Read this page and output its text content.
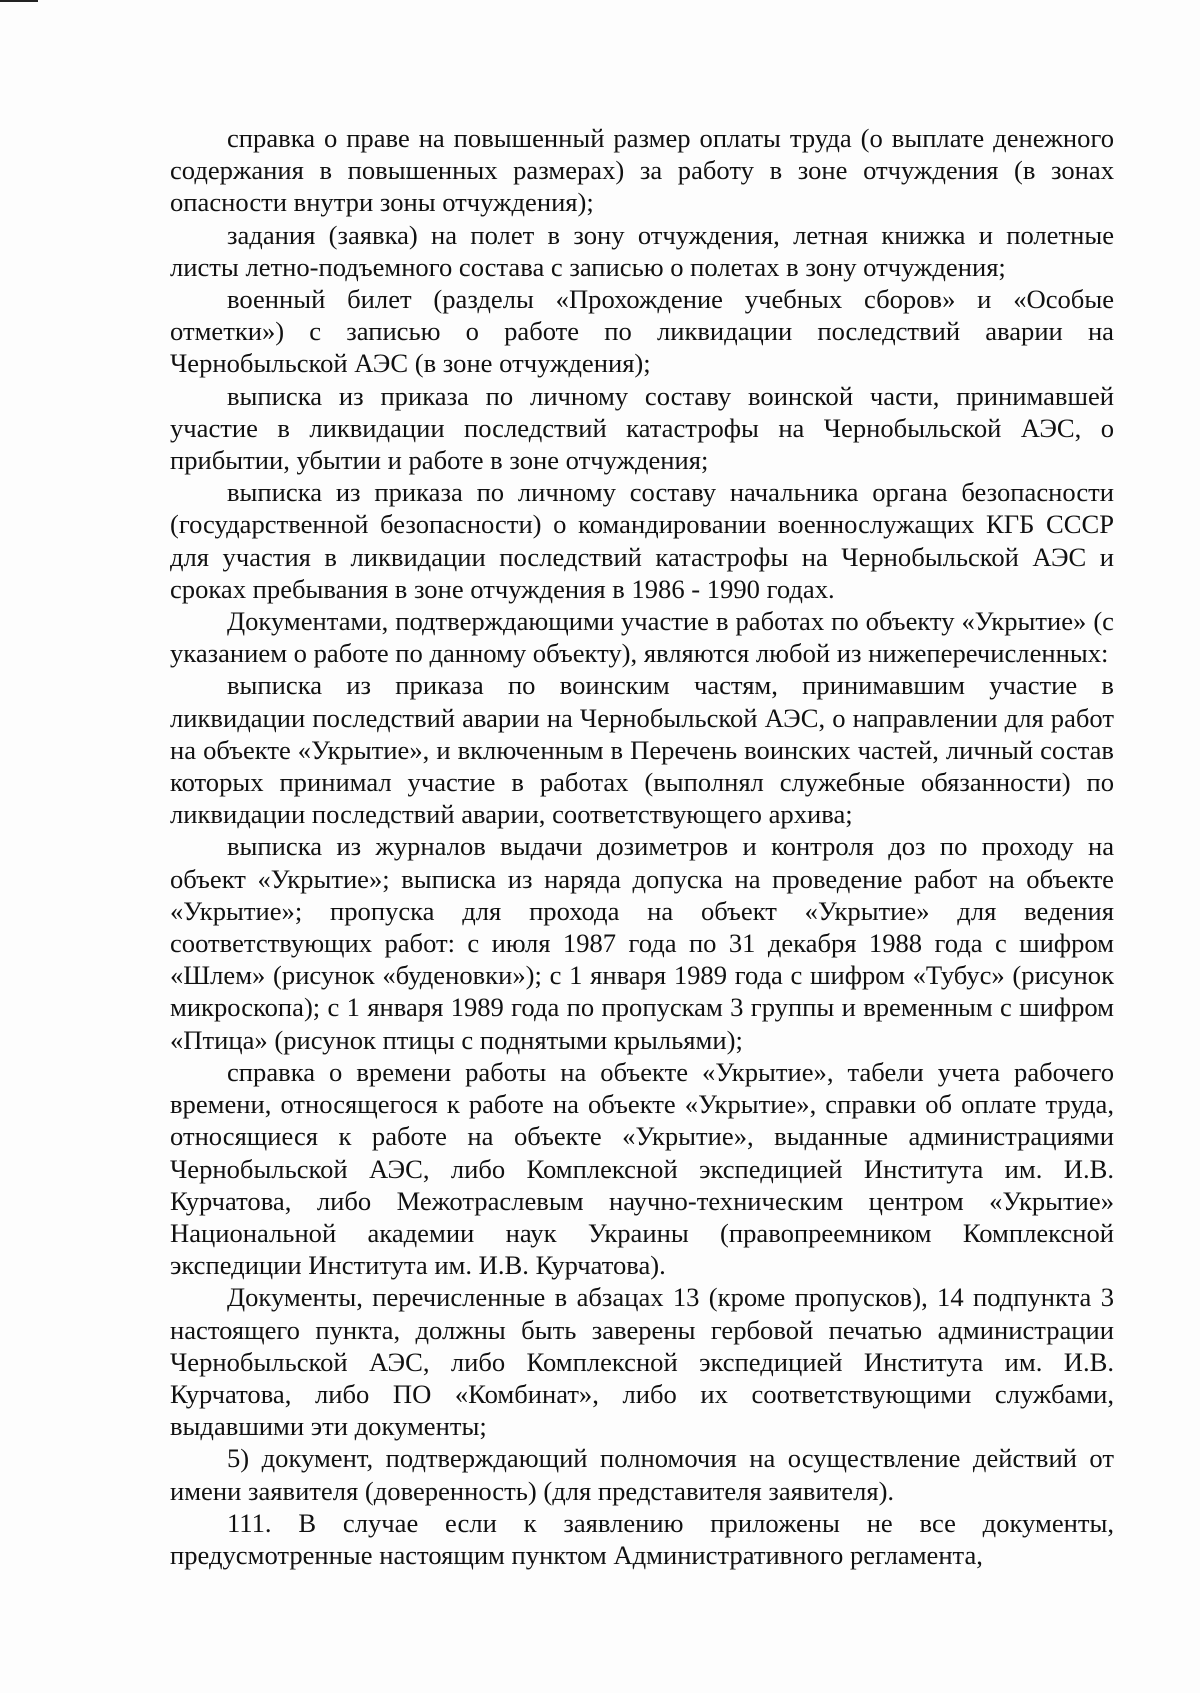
справка о праве на повышенный размер оплаты труда (о выплате денежного содержания в повышенных размерах) за работу в зоне отчуждения (в зонах опасности внутри зоны отчуждения);

задания (заявка) на полет в зону отчуждения, летная книжка и полетные листы летно-подъемного состава с записью о полетах в зону отчуждения;

военный билет (разделы «Прохождение учебных сборов» и «Особые отметки») с записью о работе по ликвидации последствий аварии на Чернобыльской АЭС (в зоне отчуждения);

выписка из приказа по личному составу воинской части, принимавшей участие в ликвидации последствий катастрофы на Чернобыльской АЭС, о прибытии, убытии и работе в зоне отчуждения;

выписка из приказа по личному составу начальника органа безопасности (государственной безопасности) о командировании военнослужащих КГБ СССР для участия в ликвидации последствий катастрофы на Чернобыльской АЭС и сроках пребывания в зоне отчуждения в 1986 - 1990 годах.

Документами, подтверждающими участие в работах по объекту «Укрытие» (с указанием о работе по данному объекту), являются любой из нижеперечисленных:

выписка из приказа по воинским частям, принимавшим участие в ликвидации последствий аварии на Чернобыльской АЭС, о направлении для работ на объекте «Укрытие», и включенным в Перечень воинских частей, личный состав которых принимал участие в работах (выполнял служебные обязанности) по ликвидации последствий аварии, соответствующего архива;

выписка из журналов выдачи дозиметров и контроля доз по проходу на объект «Укрытие»; выписка из наряда допуска на проведение работ на объекте «Укрытие»; пропуска для прохода на объект «Укрытие» для ведения соответствующих работ: с июля 1987 года по 31 декабря 1988 года с шифром «Шлем» (рисунок «буденовки»); с 1 января 1989 года с шифром «Тубус» (рисунок микроскопа); с 1 января 1989 года по пропускам 3 группы и временным с шифром «Птица» (рисунок птицы с поднятыми крыльями);

справка о времени работы на объекте «Укрытие», табели учета рабочего времени, относящегося к работе на объекте «Укрытие», справки об оплате труда, относящиеся к работе на объекте «Укрытие», выданные администрациями Чернобыльской АЭС, либо Комплексной экспедицией Института им. И.В. Курчатова, либо Межотраслевым научно-техническим центром «Укрытие» Национальной академии наук Украины (правопреемником Комплексной экспедиции Института им. И.В. Курчатова).

Документы, перечисленные в абзацах 13 (кроме пропусков), 14 подпункта 3 настоящего пункта, должны быть заверены гербовой печатью администрации Чернобыльской АЭС, либо Комплексной экспедицией Института им. И.В. Курчатова, либо ПО «Комбинат», либо их соответствующими службами, выдавшими эти документы;

5) документ, подтверждающий полномочия на осуществление действий от имени заявителя (доверенность) (для представителя заявителя).

111. В случае если к заявлению приложены не все документы, предусмотренные настоящим пунктом Административного регламента,
